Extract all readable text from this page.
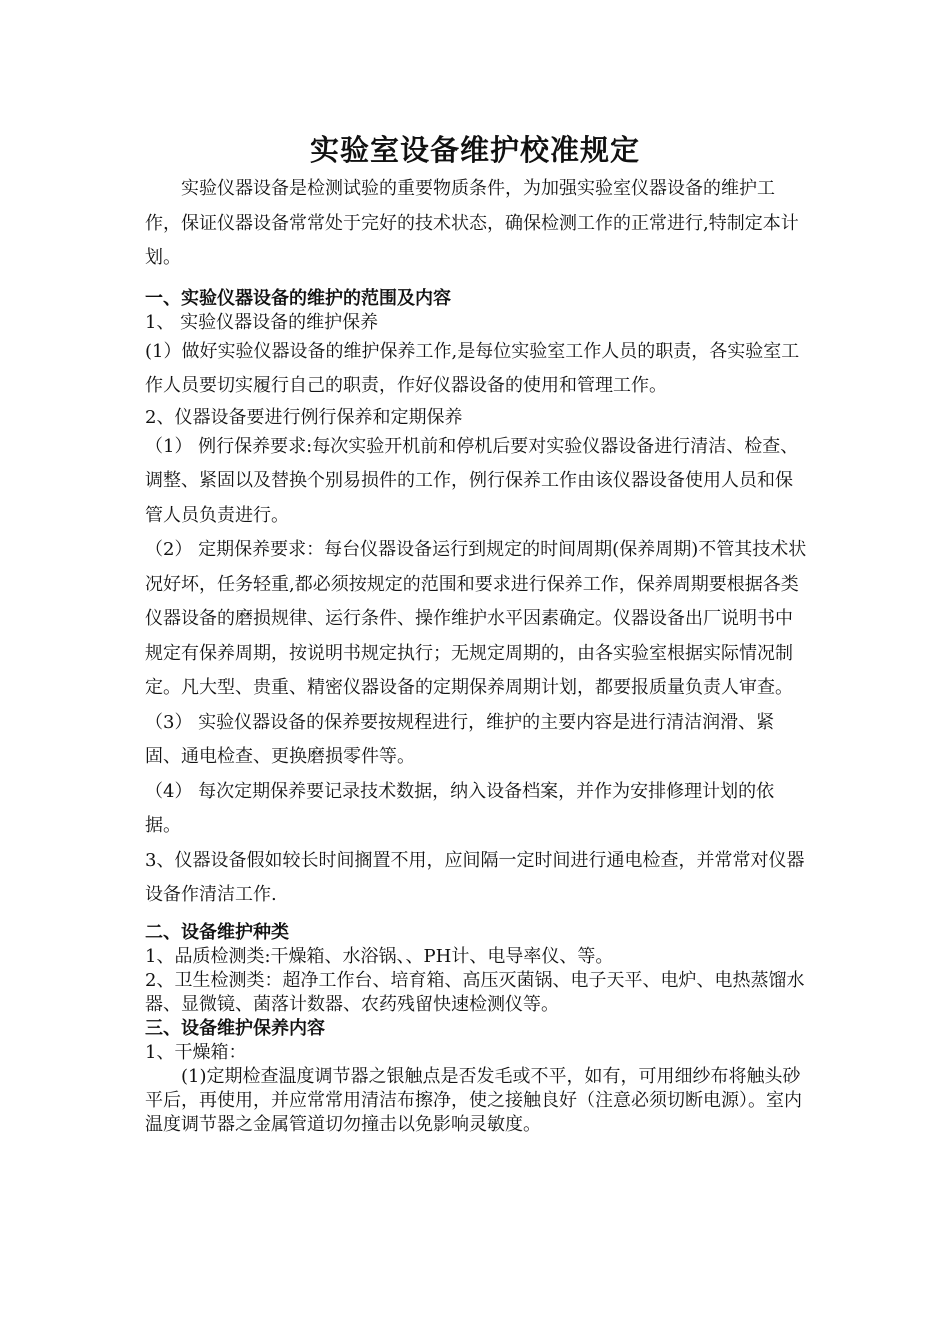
实验室设备维护校准规定

实验仪器设备是检测试验的重要物质条件，为加强实验室仪器设备的维护工作，保证仪器设备常常处于完好的技术状态，确保检测工作的正常进行,特制定本计划。

一、实验仪器设备的维护的范围及内容

1、 实验仪器设备的维护保养

(1）做好实验仪器设备的维护保养工作,是每位实验室工作人员的职责，各实验室工作人员要切实履行自己的职责，作好仪器设备的使用和管理工作。

2、仪器设备要进行例行保养和定期保养

（1） 例行保养要求:每次实验开机前和停机后要对实验仪器设备进行清洁、检查、调整、紧固以及替换个别易损件的工作，例行保养工作由该仪器设备使用人员和保管人员负责进行。

（2） 定期保养要求：每台仪器设备运行到规定的时间周期(保养周期)不管其技术状况好坏，任务轻重,都必须按规定的范围和要求进行保养工作，保养周期要根据各类仪器设备的磨损规律、运行条件、操作维护水平因素确定。仪器设备出厂说明书中规定有保养周期，按说明书规定执行；无规定周期的，由各实验室根据实际情况制定。凡大型、贵重、精密仪器设备的定期保养周期计划，都要报质量负责人审查。

（3） 实验仪器设备的保养要按规程进行，维护的主要内容是进行清洁润滑、紧固、通电检查、更换磨损零件等。

（4） 每次定期保养要记录技术数据，纳入设备档案，并作为安排修理计划的依据。

3、仪器设备假如较长时间搁置不用，应间隔一定时间进行通电检查，并常常对仪器设备作清洁工作.

二、设备维护种类

1、品质检测类:干燥箱、水浴锅、、PH计、电导率仪、等。

2、卫生检测类：超净工作台、培育箱、高压灭菌锅、电子天平、电炉、电热蒸馏水器、显微镜、菌落计数器、农药残留快速检测仪等。

三、设备维护保养内容

1、干燥箱：

(1)定期检查温度调节器之银触点是否发毛或不平，如有，可用细纱布将触头砂平后，再使用，并应常常用清洁布擦净，使之接触良好（注意必须切断电源）。室内温度调节器之金属管道切勿撞击以免影响灵敏度。
